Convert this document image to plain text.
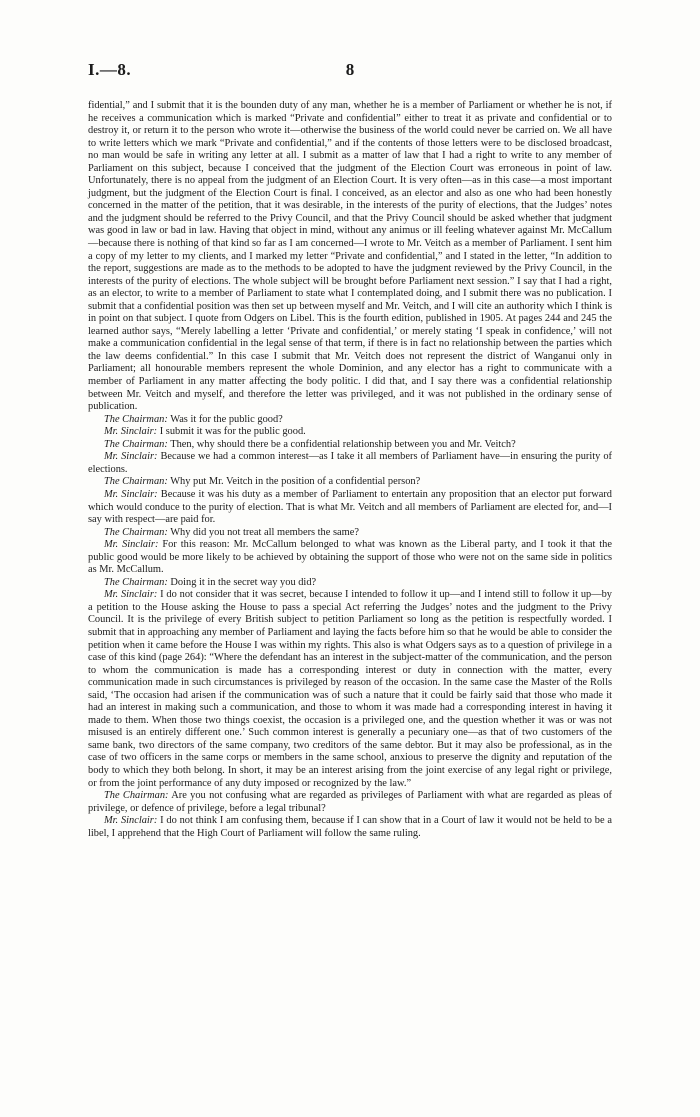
I.—8.	8

fidential,” and I submit that it is the bounden duty of any man, whether he is a member of Parliament or whether he is not, if he receives a communication which is marked “Private and confidential” either to treat it as private and confidential or to destroy it, or return it to the person who wrote it—otherwise the business of the world could never be carried on. We all have to write letters which we mark “Private and confidential,” and if the contents of those letters were to be disclosed broadcast, no man would be safe in writing any letter at all. I submit as a matter of law that I had a right to write to any member of Parliament on this subject, because I conceived that the judgment of the Election Court was erroneous in point of law. Unfortunately, there is no appeal from the judgment of an Election Court. It is very often—as in this case—a most important judgment, but the judgment of the Election Court is final. I conceived, as an elector and also as one who had been honestly concerned in the matter of the petition, that it was desirable, in the interests of the purity of elections, that the Judges’ notes and the judgment should be referred to the Privy Council, and that the Privy Council should be asked whether that judgment was good in law or bad in law. Having that object in mind, without any animus or ill feeling whatever against Mr. McCallum—because there is nothing of that kind so far as I am concerned—I wrote to Mr. Veitch as a member of Parliament. I sent him a copy of my letter to my clients, and I marked my letter “Private and confidential,” and I stated in the letter, “In addition to the report, suggestions are made as to the methods to be adopted to have the judgment reviewed by the Privy Council, in the interests of the purity of elections. The whole subject will be brought before Parliament next session.” I say that I had a right, as an elector, to write to a member of Parliament to state what I contemplated doing, and I submit there was no publication. I submit that a confidential position was then set up between myself and Mr. Veitch, and I will cite an authority which I think is in point on that subject. I quote from Odgers on Libel. This is the fourth edition, published in 1905. At pages 244 and 245 the learned author says, “Merely labelling a letter ‘Private and confidential,’ or merely stating ‘I speak in confidence,’ will not make a communication confidential in the legal sense of that term, if there is in fact no relationship between the parties which the law deems confidential.” In this case I submit that Mr. Veitch does not represent the district of Wanganui only in Parliament; all honourable members represent the whole Dominion, and any elector has a right to communicate with a member of Parliament in any matter affecting the body politic. I did that, and I say there was a confidential relationship between Mr. Veitch and myself, and therefore the letter was privileged, and it was not published in the ordinary sense of publication.

The Chairman: Was it for the public good?

Mr. Sinclair: I submit it was for the public good.

The Chairman: Then, why should there be a confidential relationship between you and Mr. Veitch?

Mr. Sinclair: Because we had a common interest—as I take it all members of Parliament have—in ensuring the purity of elections.

The Chairman: Why put Mr. Veitch in the position of a confidential person?

Mr. Sinclair: Because it was his duty as a member of Parliament to entertain any proposition that an elector put forward which would conduce to the purity of election. That is what Mr. Veitch and all members of Parliament are elected for, and—I say with respect—are paid for.

The Chairman: Why did you not treat all members the same?

Mr. Sinclair: For this reason: Mr. McCallum belonged to what was known as the Liberal party, and I took it that the public good would be more likely to be achieved by obtaining the support of those who were not on the same side in politics as Mr. McCallum.

The Chairman: Doing it in the secret way you did?

Mr. Sinclair: I do not consider that it was secret, because I intended to follow it up—and I intend still to follow it up—by a petition to the House asking the House to pass a special Act referring the Judges’ notes and the judgment to the Privy Council. It is the privilege of every British subject to petition Parliament so long as the petition is respectfully worded. I submit that in approaching any member of Parliament and laying the facts before him so that he would be able to consider the petition when it came before the House I was within my rights. This also is what Odgers says as to a question of privilege in a case of this kind (page 264): “Where the defendant has an interest in the subject-matter of the communication, and the person to whom the communication is made has a corresponding interest or duty in connection with the matter, every communication made in such circumstances is privileged by reason of the occasion. In the same case the Master of the Rolls said, ‘The occasion had arisen if the communication was of such a nature that it could be fairly said that those who made it had an interest in making such a communication, and those to whom it was made had a corresponding interest in having it made to them. When those two things coexist, the occasion is a privileged one, and the question whether it was or was not misused is an entirely different one.’ Such common interest is generally a pecuniary one—as that of two customers of the same bank, two directors of the same company, two creditors of the same debtor. But it may also be professional, as in the case of two officers in the same corps or members in the same school, anxious to preserve the dignity and reputation of the body to which they both belong. In short, it may be an interest arising from the joint exercise of any legal right or privilege, or from the joint performance of any duty imposed or recognized by the law.”

The Chairman: Are you not confusing what are regarded as privileges of Parliament with what are regarded as pleas of privilege, or defence of privilege, before a legal tribunal?

Mr. Sinclair: I do not think I am confusing them, because if I can show that in a Court of law it would not be held to be a libel, I apprehend that the High Court of Parliament will follow the same ruling.
